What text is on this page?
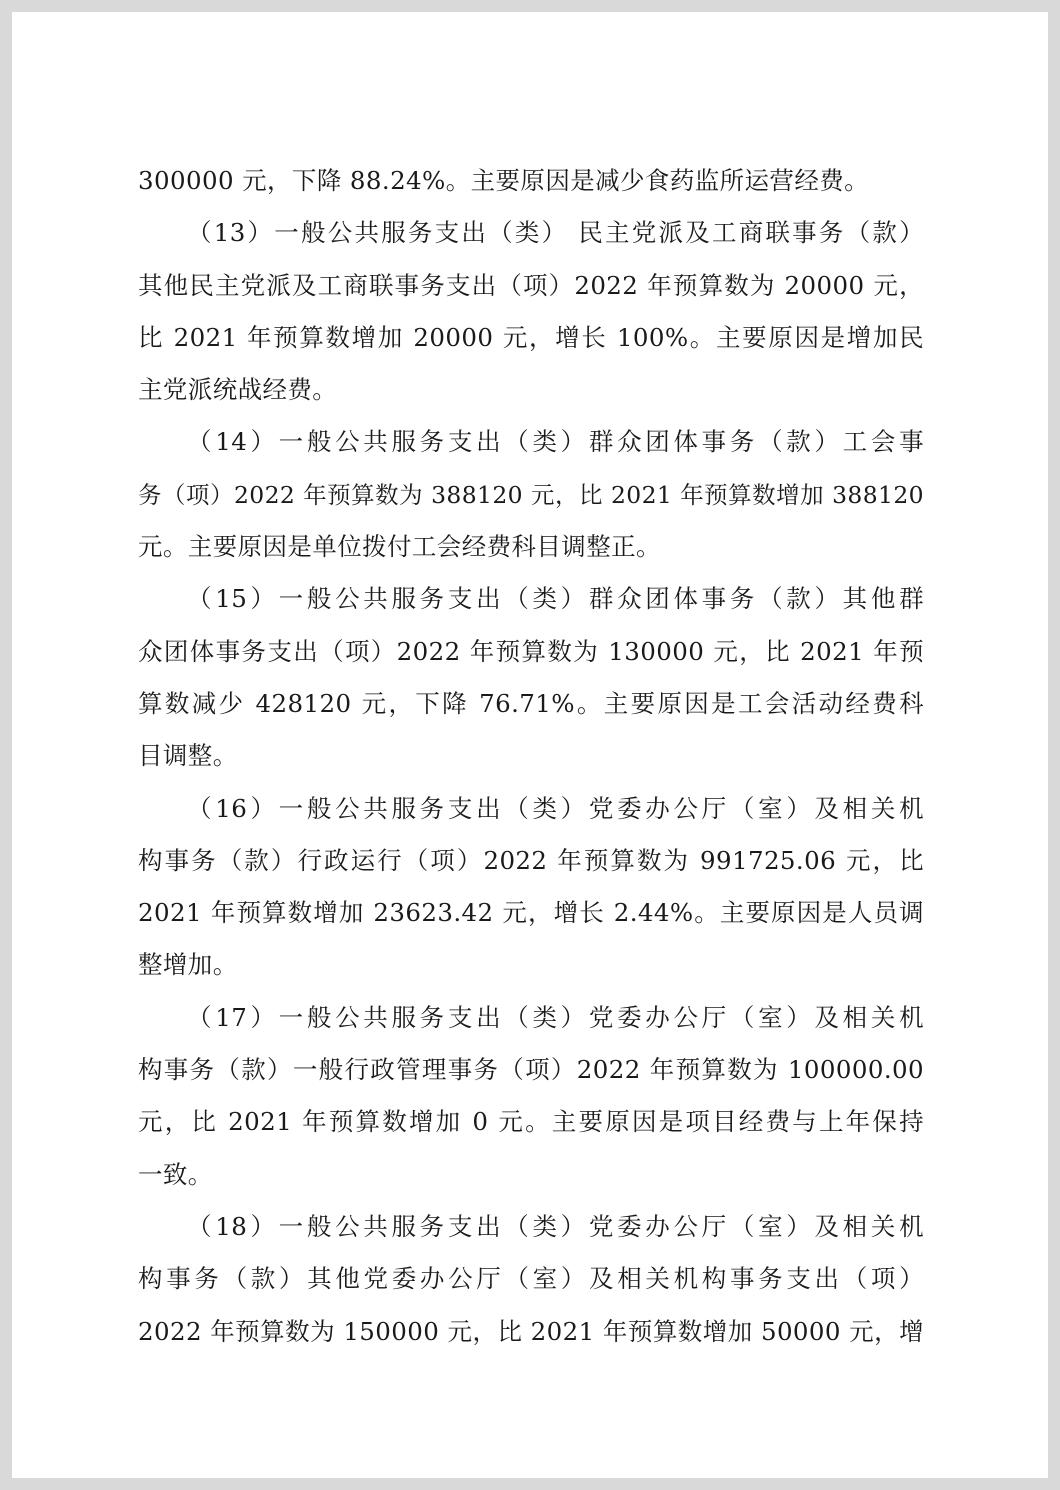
300000 元，下降 88.24%。主要原因是减少食药监所运营经费。
（13）一般公共服务支出（类） 民主党派及工商联事务（款）
其他民主党派及工商联事务支出（项）2022 年预算数为 20000 元，
比 2021 年预算数增加 20000 元，增长 100%。主要原因是增加民
主党派统战经费。
（14）一般公共服务支出（类）群众团体事务（款）工会事
务（项）2022 年预算数为 388120 元，比 2021 年预算数增加 388120
元。主要原因是单位拨付工会经费科目调整正。
（15）一般公共服务支出（类）群众团体事务（款）其他群
众团体事务支出（项）2022 年预算数为 130000 元，比 2021 年预
算数减少 428120 元，下降 76.71%。主要原因是工会活动经费科
目调整。
（16）一般公共服务支出（类）党委办公厅（室）及相关机
构事务（款）行政运行（项）2022 年预算数为 991725.06 元，比
2021 年预算数增加 23623.42 元，增长 2.44%。主要原因是人员调
整增加。
（17）一般公共服务支出（类）党委办公厅（室）及相关机
构事务（款）一般行政管理事务（项）2022 年预算数为 100000.00
元，比 2021 年预算数增加 0 元。主要原因是项目经费与上年保持
一致。
（18）一般公共服务支出（类）党委办公厅（室）及相关机
构事务（款）其他党委办公厅（室）及相关机构事务支出（项）
2022 年预算数为 150000 元，比 2021 年预算数增加 50000 元，增
